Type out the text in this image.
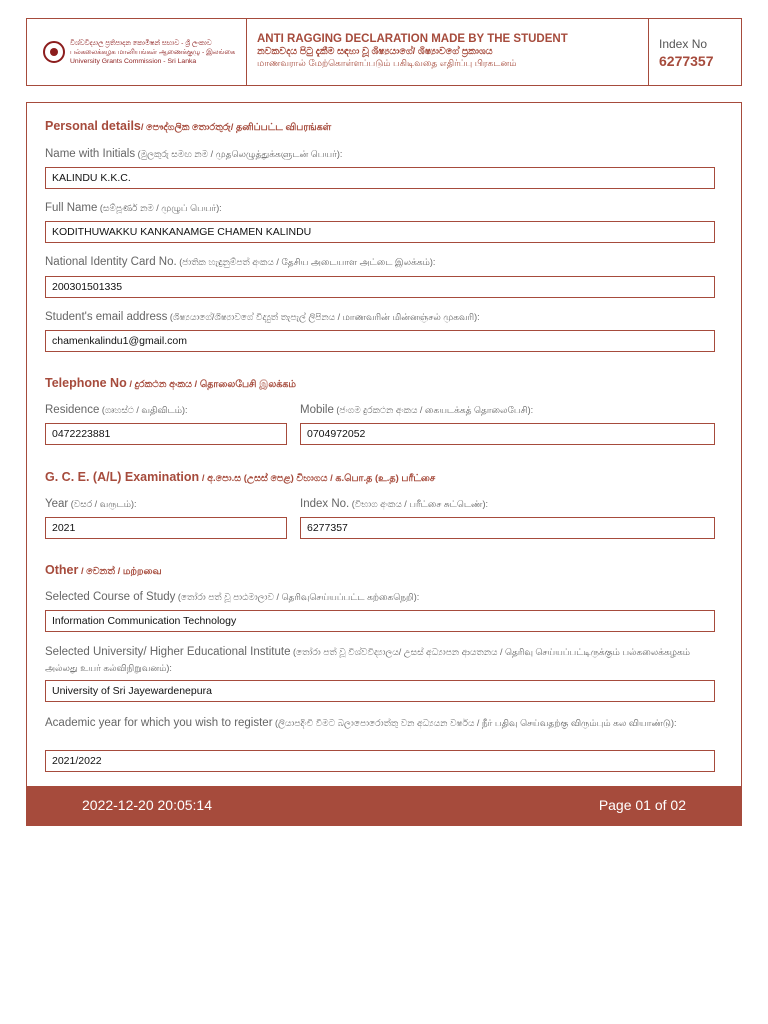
විශ්වවිද්‍යාල ප්‍රතිපාදන කොමිෂන් සභාව - ශ්‍රී ලංකාව
பல்கலைக்கழக மானியங்கள் ஆணைக்குழு - இலங்கை
University Grants Commission - Sri Lanka
ANTI RAGGING DECLARATION MADE BY THE STUDENT
නවකවදය පිටු දැකීම සඳහා වූ ශිෂ්‍යයාගේ/ ශිෂ්‍යාවගේ ප්‍රකාශය
மாணவரால் மேற்கொள்ளப்படும் பகிடிவதை எதிர்ப்பு பிரகடனம்
Index No
6277357
Personal details/ පෞද්ගලික තොරතුරු/ தனிப்பட்ட விபரங்கள்
Name with Initials (මුලකුරු සමඟ නම / முதலெழுத்துக்களுடன் பெயர்):
KALINDU K.K.C.
Full Name (සම්පූර්ණ නම / முழுப் பெயர்):
KODITHUWAKKU KANKANAMGE CHAMEN KALINDU
National Identity Card No. (ජාතික හැඳුනුම්පත් අංකය / தேசிய அடையாள அட்டை இலக்கம்):
200301501335
Student's email address (ශිෂ්‍යයාගේ/ශිෂ්‍යාවගේ විද්‍යුත් තැපැල් ලිපිනය / மாணவரின் மின்னஞ்சல் முகவரி):
chamenkalindu1@gmail.com
Telephone No / දුරකථන අංකය / தொலைபேசி இலக்கம்
Residence (ගෘහස්ථ / வதிவிடம்):
0472223881
Mobile (ජංගම දුරකථන අංකය / கையடக்கத் தொலைபேசி):
0704972052
G. C. E. (A/L) Examination / අ.පො.ස (උසස් පෙළ) විභාගය / க.பொ.த (உ.த) பரீட்சை
Year (වසර / வருடம்):
2021
Index No. (විභාග අංකය / பரீட்சை சுட்டெண்):
6277357
Other / වෙනත් / மற்றவை
Selected Course of Study (තෝරා පත් වූ පාඨමාලාව / தெரிவுசெய்யப்பட்ட கற்கைநெறி):
Information Communication Technology
Selected University/ Higher Educational Institute (තෝරා පත් වූ විශ්වවිද්‍යාලය/ උසස් අධ්‍යාපන ආයතනය / தெரிவு செய்யப்பட்டிருக்கும் பல்கலைக்கழகம் அல்லது உயர் கல்விநிறுவனம்):
University of Sri Jayewardenepura
Academic year for which you wish to register (ලියාපදිංචි වීමට බලාපොරොත්තු වන අධ්‍යයන වර්ෂය / நீர் பதிவு செய்வதற்கு விரும்பும் கல வியாண்டு):
2021/2022
2022-12-20 20:05:14	Page 01 of 02
